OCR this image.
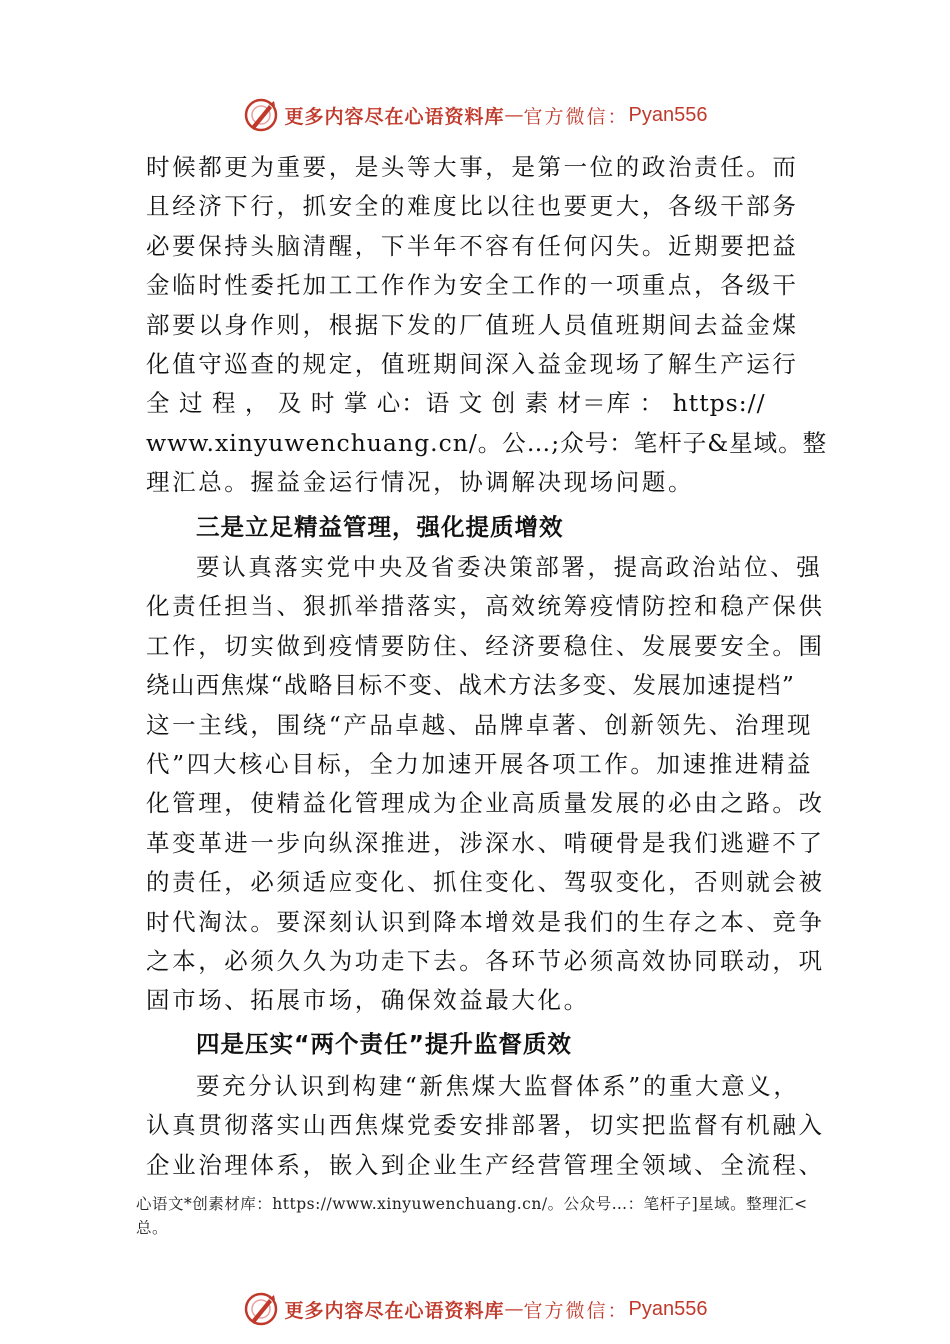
更多内容尽在心语资料库 — 官方微信： Pyan556
时候都更为重要，是头等大事，是第一位的政治责任。而
且经济下行，抓安全的难度比以往也要更大，各级干部务
必要保持头脑清醒，下半年不容有任何闪失。近期要把益
金临时性委托加工工作作为安全工作的一项重点，各级干
部要以身作则，根据下发的厂值班人员值班期间去益金煤
化值守巡查的规定，值班期间深入益金现场了解生产运行
全 过 程 ， 及 时 掌 心：语 文 创 素 材＝库 ： https://
www.xinyuwenchuang.cn/。公…;众号：笔杆子&星域。整
理汇总。握益金运行情况，协调解决现场问题。
三是立足精益管理，强化提质增效
要认真落实党中央及省委决策部署，提高政治站位、强
化责任担当、狠抓举措落实，高效统筹疫情防控和稳产保供
工作，切实做到疫情要防住、经济要稳住、发展要安全。围
绕山西焦煤“战略目标不变、战术方法多变、发展加速提档”
这一主线，围绕“产品卓越、品牌卓著、创新领先、治理现
代”四大核心目标，全力加速开展各项工作。加速推进精益
化管理，使精益化管理成为企业高质量发展的必由之路。改
革变革进一步向纵深推进，涉深水、啃硬骨是我们逃避不了
的责任，必须适应变化、抓住变化、驾驭变化，否则就会被
时代淘汰。要深刻认识到降本增效是我们的生存之本、竞争
之本，必须久久为功走下去。各环节必须高效协同联动，巩
固市场、拓展市场，确保效益最大化。
四是压实“两个责任”提升监督质效
要充分认识到构建“新焦煤大监督体系”的重大意义，
认真贯彻落实山西焦煤党委安排部署，切实把监督有机融入
企业治理体系，嵌入到企业生产经营管理全领域、全流程、
心语文*创素材库：https://www.xinyuwenchuang.cn/。公众号…：笔杆子]星域。整理汇<
总。
更多内容尽在心语资料库 — 官方微信： Pyan556
